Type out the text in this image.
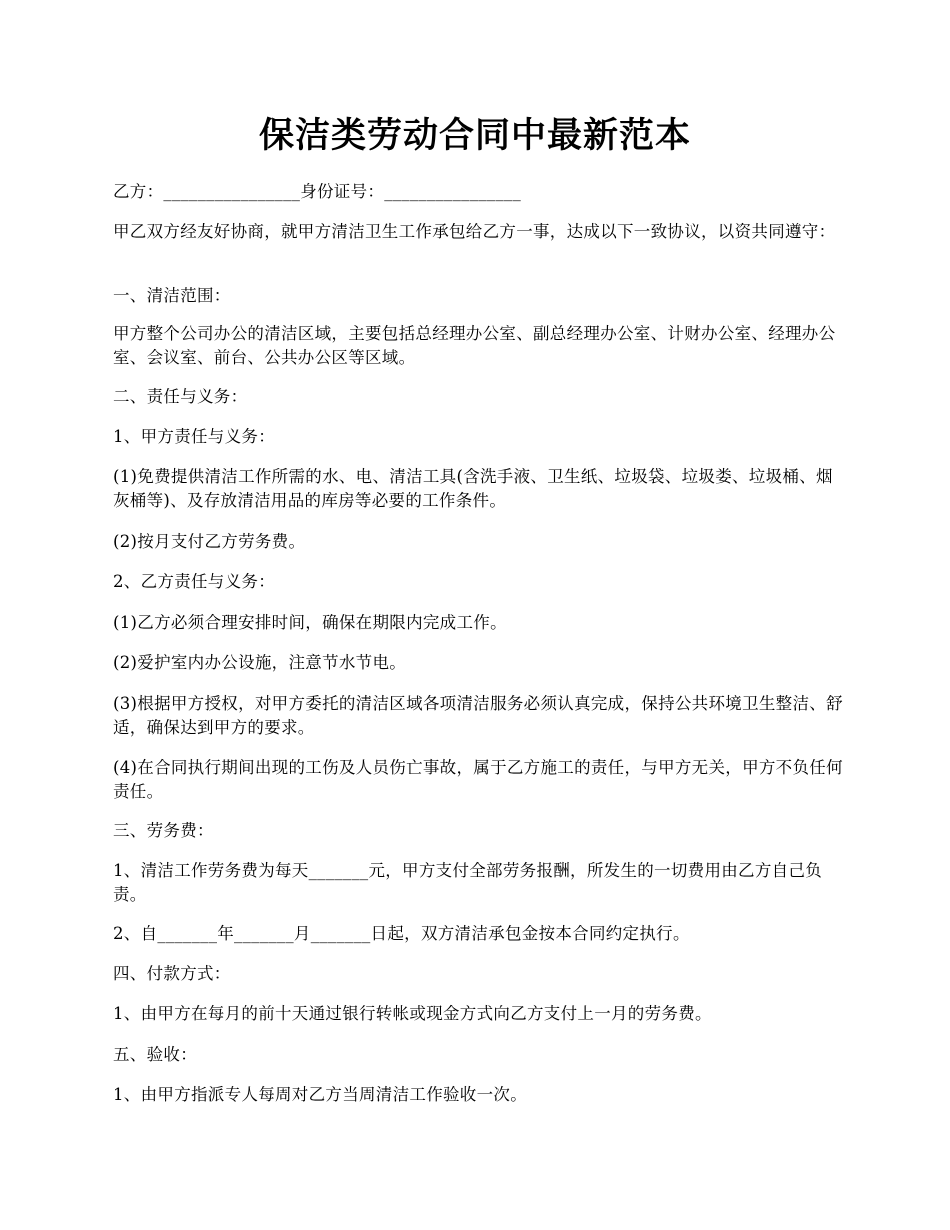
保洁类劳动合同中最新范本
乙方：________________身份证号：________________
甲乙双方经友好协商，就甲方清洁卫生工作承包给乙方一事，达成以下一致协议，以资共同遵守：
一、清洁范围：
甲方整个公司办公的清洁区域，主要包括总经理办公室、副总经理办公室、计财办公室、经理办公室、会议室、前台、公共办公区等区域。
二、责任与义务：
1、甲方责任与义务：
(1)免费提供清洁工作所需的水、电、清洁工具(含洗手液、卫生纸、垃圾袋、垃圾娄、垃圾桶、烟灰桶等)、及存放清洁用品的库房等必要的工作条件。
(2)按月支付乙方劳务费。
2、乙方责任与义务：
(1)乙方必须合理安排时间，确保在期限内完成工作。
(2)爱护室内办公设施，注意节水节电。
(3)根据甲方授权，对甲方委托的清洁区域各项清洁服务必须认真完成，保持公共环境卫生整洁、舒适，确保达到甲方的要求。
(4)在合同执行期间出现的工伤及人员伤亡事故，属于乙方施工的责任，与甲方无关，甲方不负任何责任。
三、劳务费：
1、清洁工作劳务费为每天_______元，甲方支付全部劳务报酬，所发生的一切费用由乙方自己负责。
2、自_______年_______月_______日起，双方清洁承包金按本合同约定执行。
四、付款方式：
1、由甲方在每月的前十天通过银行转帐或现金方式向乙方支付上一月的劳务费。
五、验收：
1、由甲方指派专人每周对乙方当周清洁工作验收一次。
